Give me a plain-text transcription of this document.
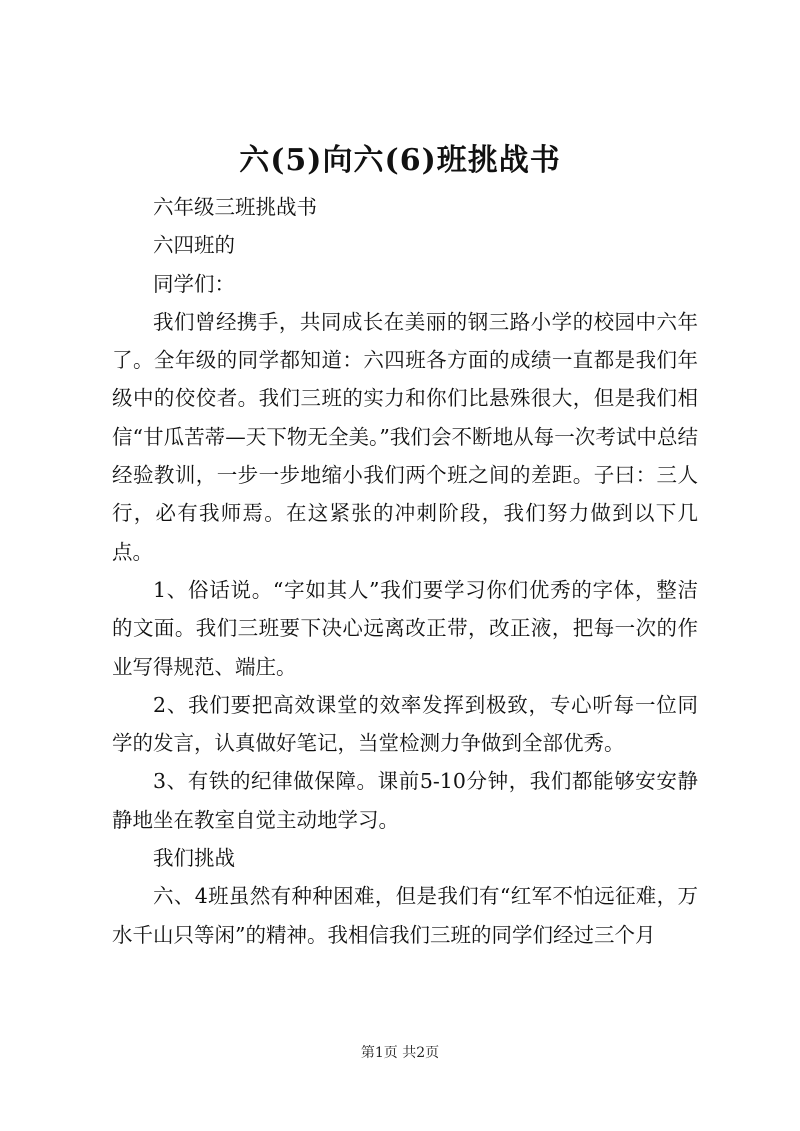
六(5)向六(6)班挑战书

六年级三班挑战书

六四班的

同学们：

我们曾经携手，共同成长在美丽的钢三路小学的校园中六年了。全年级的同学都知道：六四班各方面的成绩一直都是我们年级中的佼佼者。我们三班的实力和你们比悬殊很大，但是我们相信“甘瓜苦蒂—天下物无全美。”我们会不断地从每一次考试中总结经验教训，一步一步地缩小我们两个班之间的差距。子曰：三人行，必有我师焉。在这紧张的冲刺阶段，我们努力做到以下几点。

1、俗话说。“字如其人”我们要学习你们优秀的字体，整洁的文面。我们三班要下决心远离改正带，改正液，把每一次的作业写得规范、端庄。

2、我们要把高效课堂的效率发挥到极致，专心听每一位同学的发言，认真做好笔记，当堂检测力争做到全部优秀。

3、有铁的纪律做保障。课前5-10分钟，我们都能够安安静静地坐在教室自觉主动地学习。

我们挑战

六、4班虽然有种种困难，但是我们有“红军不怕远征难，万水千山只等闲”的精神。我相信我们三班的同学们经过三个月

第1页 共2页
